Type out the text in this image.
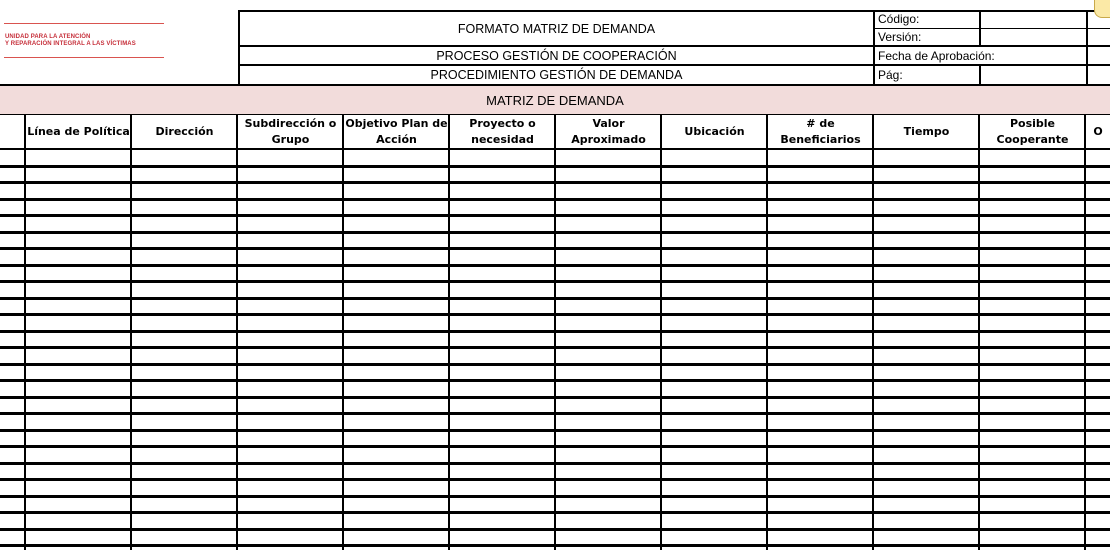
UNIDAD PARA LA ATENCIÓN
Y REPARACIÓN INTEGRAL A LAS VÍCTIMAS
FORMATO MATRIZ DE DEMANDA
PROCESO GESTIÓN DE COOPERACIÓN
PROCEDIMIENTO GESTIÓN DE DEMANDA
Código:
Versión:
Fecha de Aprobación:
Pág:
MATRIZ DE DEMANDA
Línea de Política Dirección
Subdirección o
Grupo
Objetivo Plan de
Acción
Proyecto o
necesidad
Valor Aproximado
Ubicación
# de Beneficiarios
Tiempo
Posible
Cooperante
O
